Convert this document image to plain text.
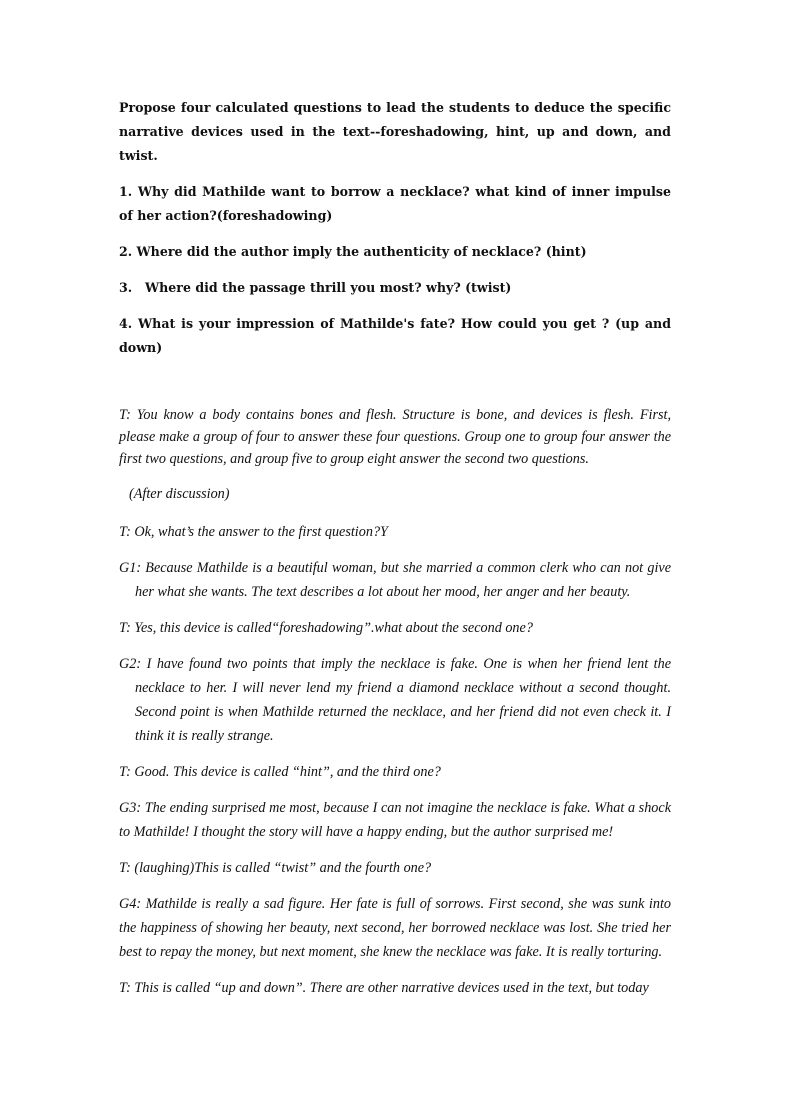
Propose four calculated questions to lead the students to deduce the specific narrative devices used in the text--foreshadowing, hint, up and down, and twist.

1. Why did Mathilde want to borrow a necklace? what kind of inner impulse of her action?(foreshadowing)

2. Where did the author imply the authenticity of necklace? (hint)

3. Where did the passage thrill you most? why? (twist)

4. What is your impression of Mathilde's fate? How could you get ? (up and down)

T: You know a body contains bones and flesh. Structure is bone, and devices is flesh. First, please make a group of four to answer these four questions. Group one to group four answer the first two questions, and group five to group eight answer the second two questions.

(After discussion)

T: Ok, what’s the answer to the first question?Y

G1: Because Mathilde is a beautiful woman, but she married a common clerk who can not give her what she wants. The text describes a lot about her mood, her anger and her beauty.

T: Yes, this device is called“foreshadowing”.what about the second one?

G2: I have found two points that imply the necklace is fake. One is when her friend lent the necklace to her. I will never lend my friend a diamond necklace without a second thought. Second point is when Mathilde returned the necklace, and her friend did not even check it. I think it is really strange.

T: Good. This device is called “hint”, and the third one?

G3: The ending surprised me most, because I can not imagine the necklace is fake. What a shock to Mathilde! I thought the story will have a happy ending, but the author surprised me!

T: (laughing)This is called “twist” and the fourth one?

G4: Mathilde is really a sad figure. Her fate is full of sorrows. First second, she was sunk into the happiness of showing her beauty, next second, her borrowed necklace was lost. She tried her best to repay the money, but next moment, she knew the necklace was fake. It is really torturing.

T: This is called “up and down”. There are other narrative devices used in the text, but today
